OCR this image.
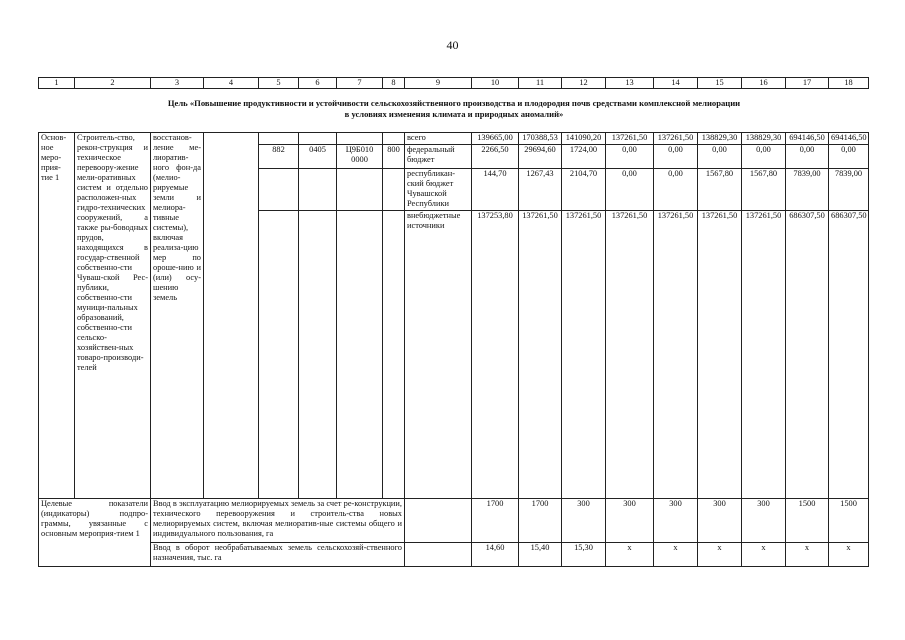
40
1	2	3	4	5	6	7	8	9	10	11	12	13	14	15	16	17	18
Цель «Повышение продуктивности и устойчивости сельскохозяйственного производства и плодородия почв средствами комплексной мелиорации
в условиях изменения климата и природных аномалий»
Основ-ное меро-прия-тие 1	Строитель-ство, рекон-струкция и техническое перевоору-жение мели-оративных систем и отдельно расположен-ных гидро-технических сооружений, а также ры-боводных прудов, находящихся в государ-ственной собственно-сти Чуваш-ской Рес-публики, собственно-сти муници-пальных образований, собственно-сти сельско-хозяйствен-ных товаро-производи-телей	восстанов-ление ме-лиоратив-ного фон-да (мелио-рируемые земли и мелиора-тивные системы), включая реализа-цию мер по ороше-нию и (или) осу-шению земель						всего	139665,00	170388,53	141090,20	137261,50	137261,50	138829,30	138829,30	694146,50	694146,50
				882	0405	Ц9Б010 0000	800	федеральный бюджет	2266,50	29694,60	1724,00	0,00	0,00	0,00	0,00	0,00	0,00
								республикан-ский бюджет Чувашской Республики	144,70	1267,43	2104,70	0,00	0,00	1567,80	1567,80	7839,00	7839,00
								внебюджетные источники	137253,80	137261,50	137261,50	137261,50	137261,50	137261,50	137261,50	686307,50	686307,50
Целевые показатели (индикаторы) подпро-граммы, увязанные с основным мероприя-тием 1		Ввод в эксплуатацию мелиорируемых земель за счет ре-конструкции, технического перевооружения и строитель-ства новых мелиорируемых систем, включая мелиоратив-ные системы общего и индивидуального пользования, га							1700	1700	300	300	300	300	300	1500	1500
		Ввод в оборот необрабатываемых земель сельскохозяй-ственного назначения, тыс. га							14,60	15,40	15,30	x	x	x	x	x	x
